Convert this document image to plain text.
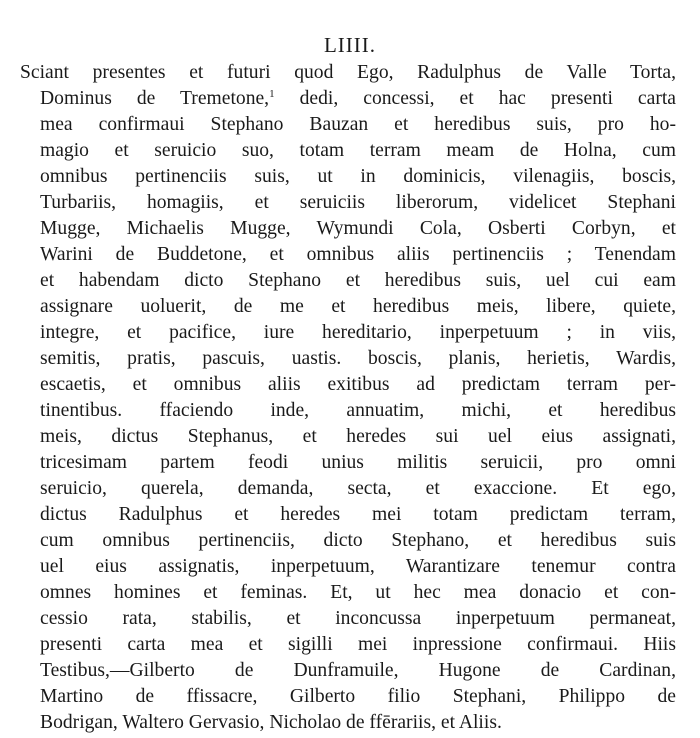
LIIII.
Sciant presentes et futuri quod Ego, Radulphus de Valle Torta,
Dominus de Tremetone,$^1$ dedi, concessi, et hac presenti carta
mea confirmaui Stephano Bauzan et heredibus suis, pro ho-
magio et seruicio suo, totam terram meam de Holna, cum
omnibus pertinenciis suis, ut in dominicis, vilenagiis, boscis,
Turbariis, homagiis, et seruiciis liberorum, videlicet Stephani
Mugge, Michaelis Mugge, Wymundi Cola, Osberti Corbyn, et
Warini de Buddetone, et omnibus aliis pertinenciis ; Tenendam
et habendam dicto Stephano et heredibus suis, uel cui eam
assignare uoluerit, de me et heredibus meis, libere, quiete,
integre, et pacifice, iure hereditario, inperpetuum ; in viis,
semitis, pratis, pascuis, uastis. boscis, planis, herietis, Wardis,
escaetis, et omnibus aliis exitibus ad predictam terram per-
tinentibus. ffaciendo inde, annuatim, michi, et heredibus
meis, dictus Stephanus, et heredes sui uel eius assignati,
tricesimam partem feodi unius militis seruicii, pro omni
seruicio, querela, demanda, secta, et exaccione. Et ego,
dictus Radulphus et heredes mei totam predictam terram,
cum omnibus pertinenciis, dicto Stephano, et heredibus suis
uel eius assignatis, inperpetuum, Warantizare tenemur contra
omnes homines et feminas. Et, ut hec mea donacio et con-
cessio rata, stabilis, et inconcussa inperpetuum permaneat,
presenti carta mea et sigilli mei inpressione confirmaui. Hiis
Testibus,—Gilberto de Dunframuile, Hugone de Cardinan,
Martino de ffissacre, Gilberto filio Stephani, Philippo de
Bodrigan, Waltero Gervasio, Nicholao de ffērariis, et Aliis.
